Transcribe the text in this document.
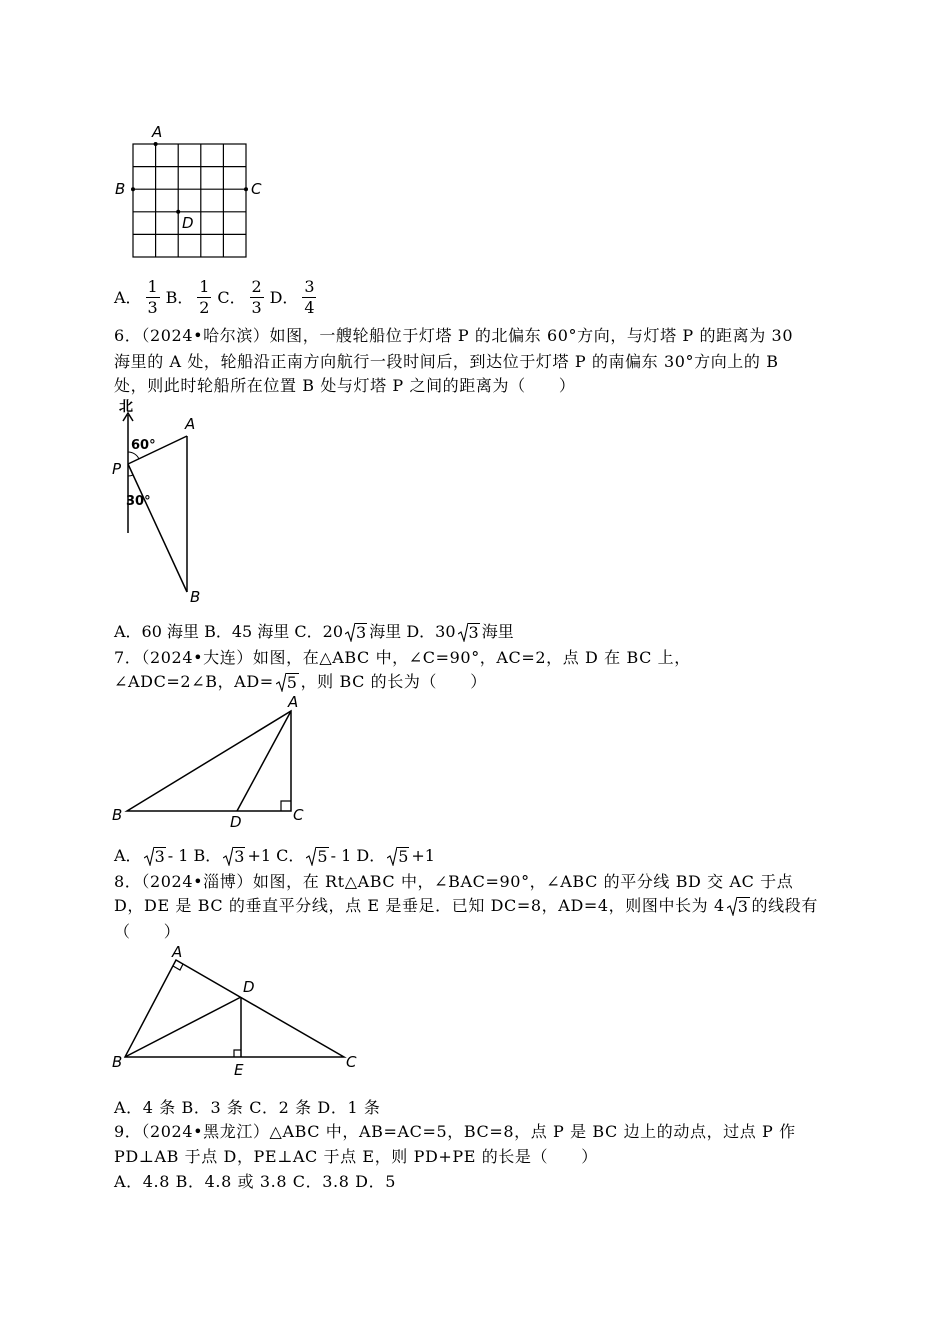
A
B	C
D
A． $\frac{1}{3}$ B． $\frac{1}{2}$ C． $\frac{2}{3}$ D． $\frac{3}{4}$
6．（2024•哈尔滨）如图，一艘轮船位于灯塔 P 的北偏东 60°方向，与灯塔 P 的距离为 30
海里的 A 处，轮船沿正南方向航行一段时间后，到达位于灯塔 P 的南偏东 30°方向上的 B
处，则此时轮船所在位置 B 处与灯塔 P 之间的距离为（　　）
北
A
P
B
60°
30°
A．60 海里
B．45 海里
C． 20 3 海里
D． 30 3 海里
7．（2024•大连）如图，在△ABC 中，∠C=90°，AC=2，点 D 在 BC 上，
∠ADC=2∠B，AD= 5 ，则 BC 的长为（　　）
A
B	C
D
A． 3 - 1
B． 3 +1
C． 5 - 1
D． 5 +1
8．（2024•淄博）如图，在 Rt△ABC 中，∠BAC=90°，∠ABC 的平分线 BD 交 AC 于点
D，DE 是 BC 的垂直平分线，点 E 是垂足．已知 DC=8，AD=4，则图中长为 4 3 的线段有
（　　）
A
B	C
D
E
A．4 条 B．3 条 C．2 条 D．1 条
9．（2024•黑龙江）△ABC 中，AB=AC=5，BC=8，点 P 是 BC 边上的动点，过点 P 作
PD⊥AB 于点 D，PE⊥AC 于点 E，则 PD+PE 的长是（　　）
A．4.8 B．4.8 或 3.8 C．3.8 D．5
